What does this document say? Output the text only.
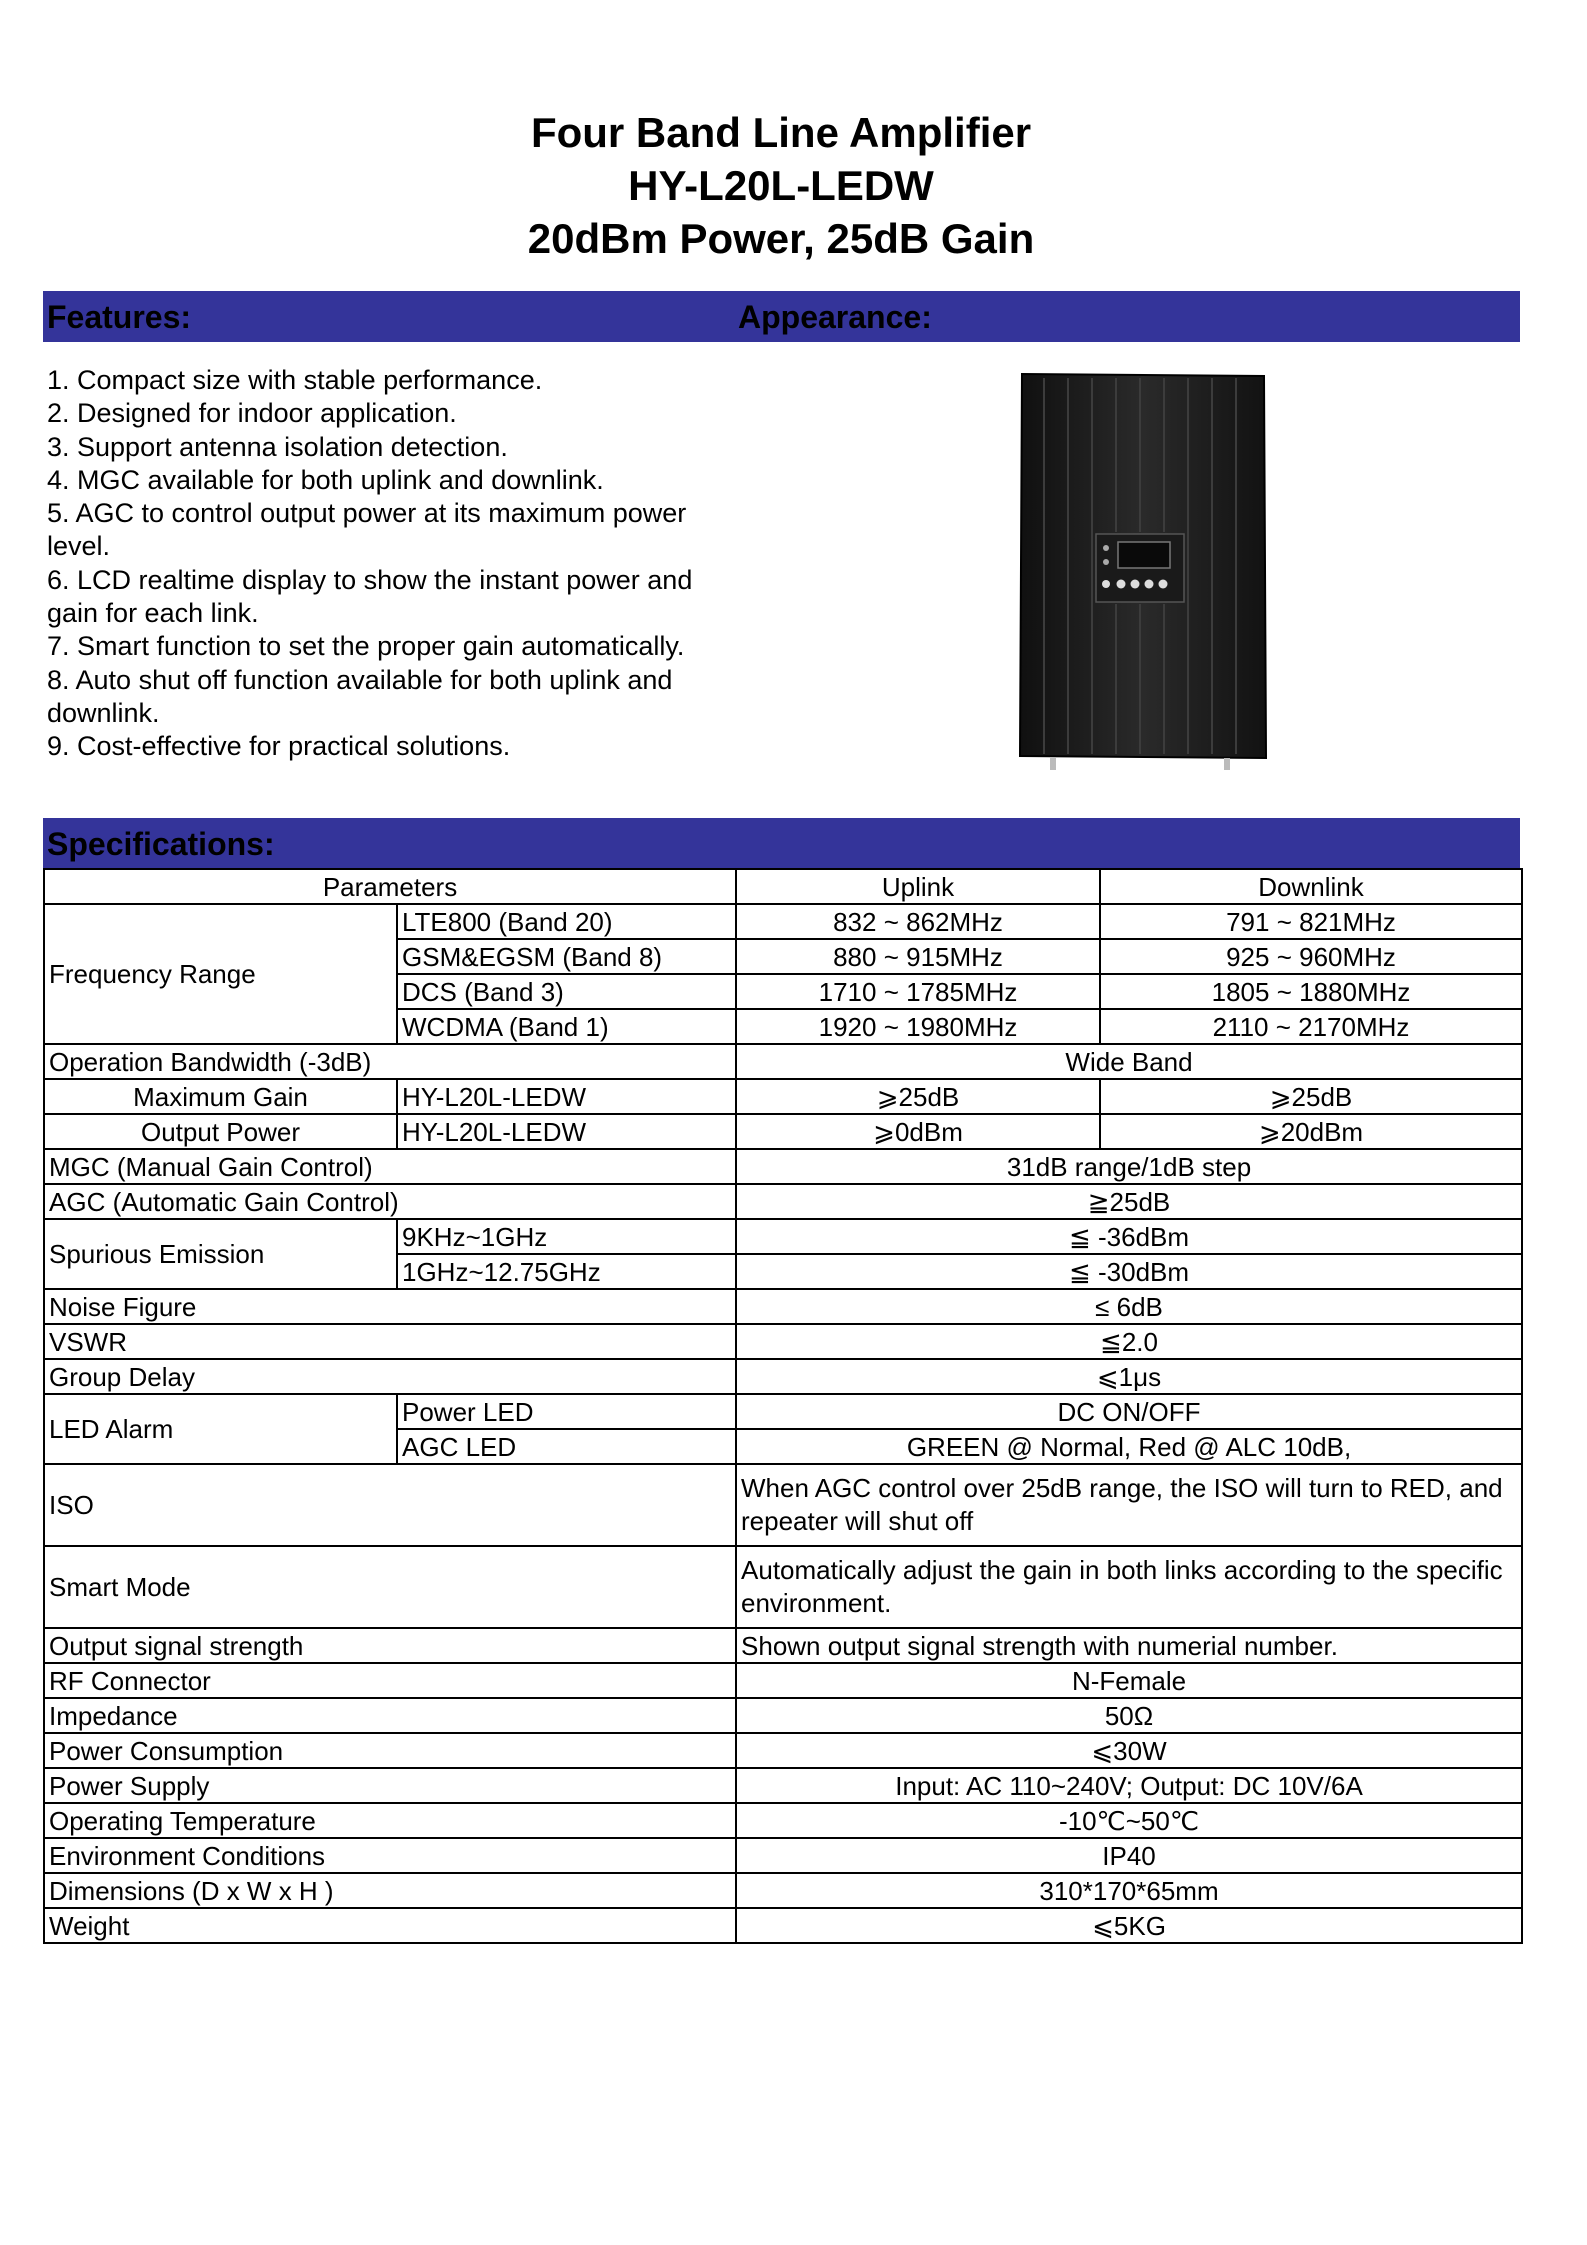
Four Band Line Amplifier
HY-L20L-LEDW
20dBm Power, 25dB Gain
Features:	Appearance:

1. Compact size with stable performance.

2. Designed for indoor application.

3. Support antenna isolation detection.

4. MGC available for both uplink and downlink.

5. AGC to control output power at its maximum power level.

6. LCD realtime display to show the instant power and gain for each link.

7. Smart function to set the proper gain automatically.

8. Auto shut off function available for both uplink and downlink.

9. Cost-effective for practical solutions.

Specifications:
Parameters		Uplink	Downlink
Frequency Range	LTE800 (Band 20)	832 ~ 862MHz	791 ~ 821MHz
	GSM&EGSM (Band 8)	880 ~ 915MHz	925 ~ 960MHz
	DCS (Band 3)	1710 ~ 1785MHz	1805 ~ 1880MHz
	WCDMA (Band 1)	1920 ~ 1980MHz	2110 ~ 2170MHz
Operation Bandwidth (-3dB)		Wide Band	
Maximum Gain	HY-L20L-LEDW	⩾25dB	⩾25dB
Output Power	HY-L20L-LEDW	⩾0dBm	⩾20dBm
MGC (Manual Gain Control)		31dB range/1dB step	
AGC (Automatic Gain Control)		≧25dB	
Spurious Emission	9KHz~1GHz	≦ -36dBm	
	1GHz~12.75GHz	≦ -30dBm	
Noise Figure		≤ 6dB	
VSWR		≦2.0	
Group Delay		⩽1μs	
LED Alarm	Power LED	DC ON/OFF	
	AGC LED	GREEN @ Normal, Red @ ALC 10dB,	
ISO		When AGC control over 25dB range, the ISO will turn to RED, and repeater will shut off	
Smart Mode		Automatically adjust the gain in both links according to the specific environment.	
Output signal strength		Shown output signal strength with numerial number.	
RF Connector		N-Female	
Impedance		50Ω	
Power Consumption		⩽30W	
Power Supply		Input: AC 110~240V; Output: DC 10V/6A	
Operating Temperature		-10℃~50℃	
Environment Conditions		IP40	
Dimensions (D x W x H )		310*170*65mm	
Weight		⩽5KG	
